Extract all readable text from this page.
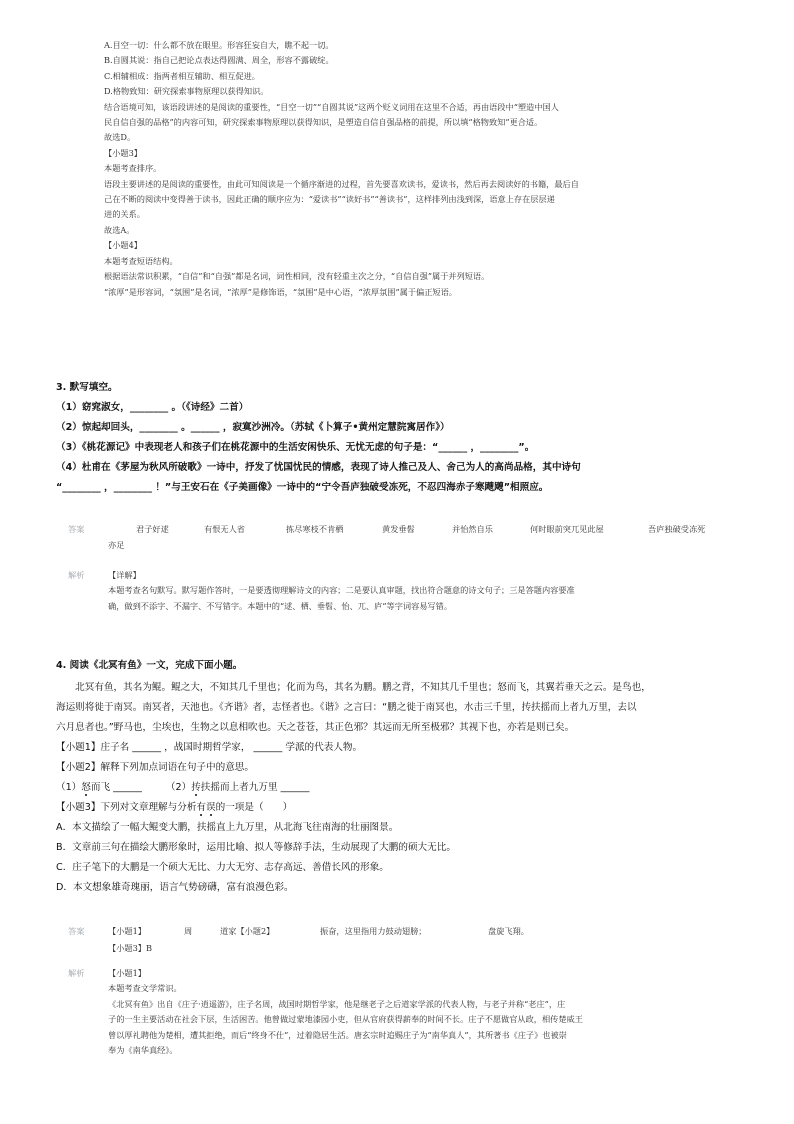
A.目空一切：什么都不放在眼里。形容狂妄自大，瞧不起一切。

B.自圆其说：指自己把论点表达得圆满、周全，形容不露破绽。

C.相辅相成：指两者相互辅助、相互促进。

D.格物致知：研究探索事物原理以获得知识。

结合语境可知，该语段讲述的是阅读的重要性，“目空一切”“自圆其说”这两个贬义词用在这里不合适，再由语段中“塑造中国人

民自信自强的品格”的内容可知，研究探索事物原理以获得知识，是塑造自信自强品格的前提，所以填“格物致知”更合适。

故选D。

【小题3】

本题考查排序。

语段主要讲述的是阅读的重要性，由此可知阅读是一个循序渐进的过程，首先要喜欢读书，爱读书，然后再去阅读好的书籍，最后自

己在不断的阅读中变得善于读书，因此正确的顺序应为：“爱读书”“读好书”“善读书”，这样排列由浅到深，语意上存在层层递

进的关系。

故选A。

【小题4】

本题考查短语结构。

根据语法常识积累，“自信”和“自强”都是名词，词性相同，没有轻重主次之分，“自信自强”属于并列短语。

“浓厚”是形容词，“氛围”是名词，“浓厚”是修饰语，“氛围”是中心语，“浓厚氛围”属于偏正短语。

3. 默写填空。

（1）窈窕淑女，________ 。（《诗经》二首）

（2）惊起却回头，________ 。______ ，寂寞沙洲冷。（苏轼《卜算子•黄州定慧院寓居作》）

（3）《桃花源记》中表现老人和孩子们在桃花源中的生活安闲快乐、无忧无虑的句子是：“______ ，________”。

（4）杜甫在《茅屋为秋风所破歌》一诗中，抒发了忧国忧民的情感，表现了诗人推己及人、舍己为人的高尚品格，其中诗句

“________ ，________ ！”与王安石在《子美画像》一诗中的“宁令吾庐独破受冻死，不忍四海赤子寒飕飕”相照应。

答案	君子好逑	有恨无人省	拣尽寒枝不肯栖	黄发垂髫	并怡然自乐	何时眼前突兀见此屋	吾庐独破受冻死
亦足
解析	【详解】

本题考查名句默写。默写题作答时，一是要透彻理解诗文的内容；二是要认真审题，找出符合题意的诗文句子；三是答题内容要准

确，做到不添字、不漏字、不写错字。本题中的“逑、栖、垂髫、怡、兀、庐”等字词容易写错。

4. 阅读《北冥有鱼》一文，完成下面小题。

　　北冥有鱼，其名为鲲。鲲之大，不知其几千里也；化而为鸟，其名为鹏。鹏之背，不知其几千里也；怒而飞，其翼若垂天之云。是鸟也，

海运则将徙于南冥。南冥者，天池也。《齐谐》者，志怪者也。《谐》之言曰：“鹏之徙于南冥也，水击三千里，抟扶摇而上者九万里，去以

六月息者也。”野马也，尘埃也，生物之以息相吹也。天之苍苍，其正色邪？其远而无所至极邪？其视下也，亦若是则已矣。

【小题1】庄子名 ______ ，战国时期哲学家， ______ 学派的代表人物。

【小题2】解释下列加点词语在句子中的意思。

（1）怒而飞 ______　　　	（2）抟扶摇而上者九万里 ______

【小题3】下列对文章理解与分析有误的一项是（　　）

A．本文描绘了一幅大鲲变大鹏，扶摇直上九万里，从北海飞往南海的壮丽图景。

B．文章前三句在描绘大鹏形象时，运用比喻、拟人等修辞手法，生动展现了大鹏的硕大无比。

C．庄子笔下的大鹏是一个硕大无比、力大无穷、志存高远、善借长风的形象。

D．本文想象雄奇瑰丽，语言气势磅礴，富有浪漫色彩。

答案	【小题1】	周	道家【小题2】	振奋，这里指用力鼓动翅膀；	盘旋飞翔。
【小题3】B
解析	【小题1】

本题考查文学常识。

《北冥有鱼》出自《庄子·逍遥游》，庄子名周，战国时期哲学家，他是继老子之后道家学派的代表人物，与老子并称“老庄”，庄

子的一生主要活动在社会下层，生活困苦。他曾做过蒙地漆园小吏，但从官府获得薪奉的时间不长。庄子不愿做官从政，相传楚威王

曾以厚礼聘他为楚相，遭其拒绝，而后“终身不仕”，过着隐居生活。唐玄宗时追赐庄子为“南华真人”，其所著书《庄子》也被崇

奉为《南华真经》。
